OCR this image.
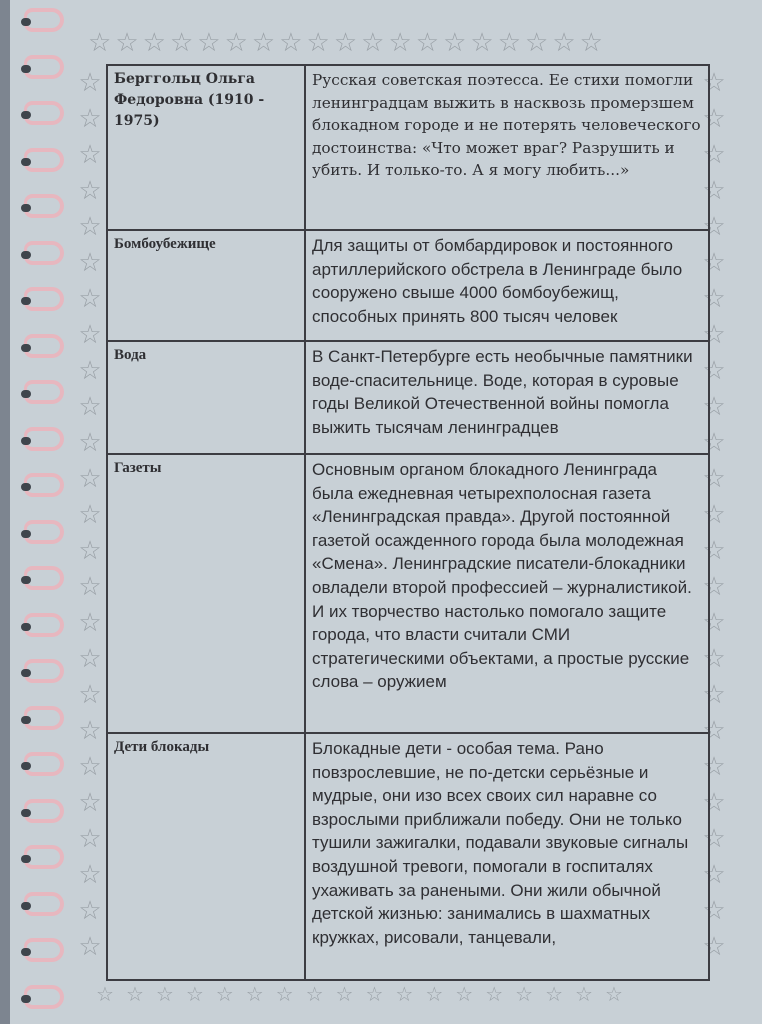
☆☆☆☆☆☆☆☆☆☆☆☆☆☆☆☆☆☆☆
☆☆☆☆☆☆☆☆☆☆☆☆☆☆☆☆☆☆
☆
☆
☆
☆
☆
☆
☆
☆
☆
☆
☆
☆
☆
☆
☆
☆
☆
☆
☆
☆
☆
☆
☆
☆
☆
☆
☆
☆
☆
☆
☆
☆
☆
☆
☆
☆
☆
☆
☆
☆
☆
☆
☆
☆
☆
☆
☆
☆
☆
☆
Берггольц Ольга Федоровна (1910 - 1975)	Русская советская поэтесса. Ее стихи помогли ленинградцам выжить в насквозь промерзшем блокадном городе и не потерять человеческого достоинства: «Что может враг? Разрушить и убить. И только-то. А я могу любить...»
Бомбоубежище	Для защиты от бомбардировок и постоянного артиллерийского обстрела в Ленинграде было сооружено свыше 4000 бомбоубежищ, способных принять 800 тысяч человек
Вода	В Санкт-Петербурге есть необычные памятники воде-спасительнице. Воде, которая в суровые годы Великой Отечественной войны помогла выжить тысячам ленинградцев
Газеты	Основным органом блокадного Ленинграда была ежедневная четырехполосная газета «Ленинградская правда». Другой постоянной газетой осажденного города была молодежная «Смена». Ленинградские писатели-блокадники овладели второй профессией – журналистикой. И их творчество настолько помогало защите города, что власти считали СМИ стратегическими объектами, а простые русские слова – оружием
Дети блокады	Блокадные дети - особая тема. Рано повзрослевшие, не по-детски серьёзные и мудрые, они изо всех своих сил наравне со взрослыми приближали победу. Они не только тушили зажигалки, подавали звуковые сигналы воздушной тревоги, помогали в госпиталях ухаживать за ранеными. Они жили обычной детской жизнью: занимались в шахматных кружках, рисовали, танцевали,
